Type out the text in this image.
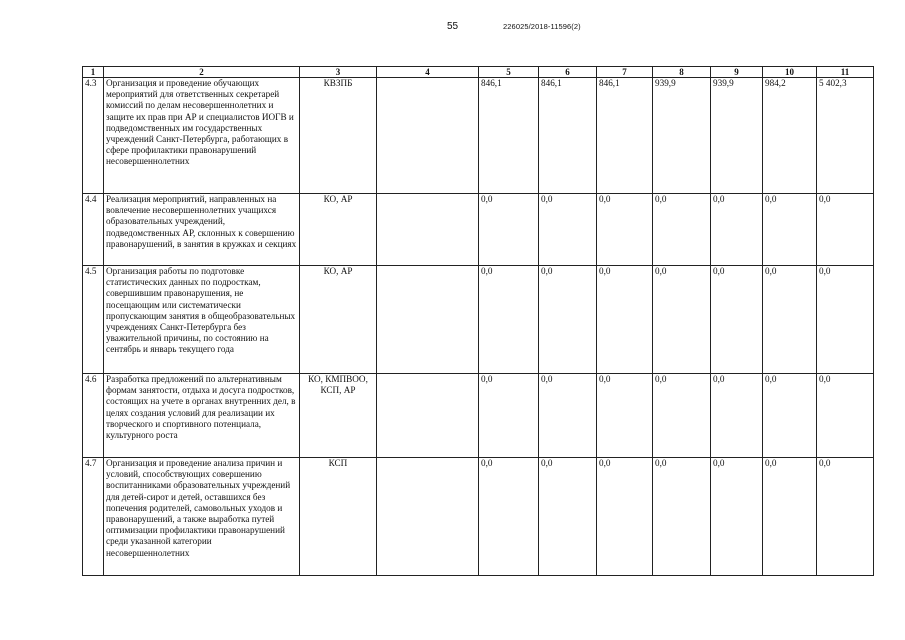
55	226025/2018-11596(2)
1	2	3	4	5	6	7	8	9	10	11
4.3	Организация и проведение обучающих мероприятий для ответственных секретарей комиссий по делам несовершеннолетних и защите их прав при АР и специалистов ИОГВ и подведомственных им государственных учреждений Санкт-Петербурга, работающих в сфере профилактики правонарушений несовершеннолетних	КВЗПБ		846,1	846,1	846,1	939,9	939,9	984,2	5 402,3
4.4	Реализация мероприятий, направленных на вовлечение несовершеннолетних учащихся образовательных учреждений, подведомственных АР, склонных к совершению правонарушений, в занятия в кружках и секциях	КО, АР		0,0	0,0	0,0	0,0	0,0	0,0	0,0
4.5	Организация работы по подготовке статистических данных по подросткам, совершившим правонарушения, не посещающим или систематически пропускающим занятия в общеобразовательных учреждениях Санкт-Петербурга без уважительной причины, по состоянию на сентябрь и январь текущего года	КО, АР		0,0	0,0	0,0	0,0	0,0	0,0	0,0
4.6	Разработка предложений по альтернативным формам занятости, отдыха и досуга подростков, состоящих на учете в органах внутренних дел, в целях создания условий для реализации их творческого и спортивного потенциала, культурного роста	КО, КМПВОО, КСП, АР		0,0	0,0	0,0	0,0	0,0	0,0	0,0
4.7	Организация и проведение анализа причин и условий, способствующих совершению воспитанниками образовательных учреждений для детей-сирот и детей, оставшихся без попечения родителей, самовольных уходов и правонарушений, а также выработка путей оптимизации профилактики правонарушений среди указанной категории несовершеннолетних	КСП		0,0	0,0	0,0	0,0	0,0	0,0	0,0
